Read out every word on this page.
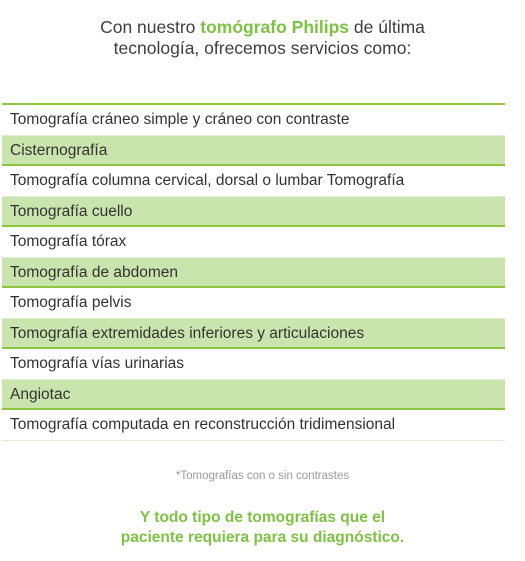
Con nuestro tomógrafo Philips de última
tecnología, ofrecemos servicios como:
Tomografía cráneo simple y cráneo con contraste
Cisternografía
Tomografía columna cervical, dorsal o lumbar Tomografía
Tomografía cuello
Tomografía tórax
Tomografía de abdomen
Tomografía pelvis
Tomografía extremidades inferiores y articulaciones
Tomografía vías urinarias
Angiotac
Tomografía computada en reconstrucción tridimensional
*Tomografías con o sin contrastes
Y todo tipo de tomografías que el
paciente requiera para su diagnóstico.
